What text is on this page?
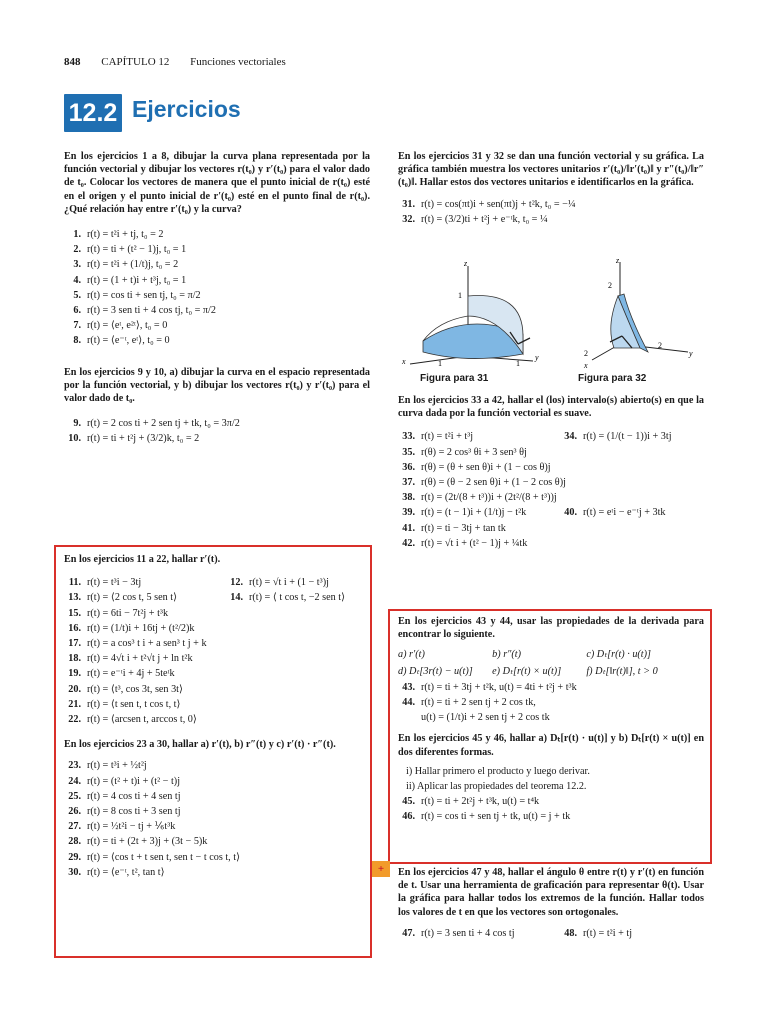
848 CAPÍTULO 12 Funciones vectoriales
12.2 Ejercicios

En los ejercicios 1 a 8, dibujar la curva plana representada por la función vectorial y dibujar los vectores r(t₀) y r′(t₀) para el valor dado de t₀. Colocar los vectores de manera que el punto inicial de r(t₀) esté en el origen y el punto inicial de r′(t₀) esté en el punto final de r(t₀). ¿Qué relación hay entre r′(t₀) y la curva?

1. r(t) = t²i + tj, t₀ = 2
2. r(t) = ti + (t² − 1)j, t₀ = 1
3. r(t) = t²i + (1/t)j, t₀ = 2
4. r(t) = (1 + t)i + t³j, t₀ = 1
5. r(t) = cos ti + sen tj, t₀ = π/2
6. r(t) = 3 sen ti + 4 cos tj, t₀ = π/2
7. r(t) = ⟨eᵗ, e²ᵗ⟩, t₀ = 0
8. r(t) = ⟨e⁻ᵗ, eᵗ⟩, t₀ = 0

En los ejercicios 9 y 10, a) dibujar la curva en el espacio representada por la función vectorial, y b) dibujar los vectores r(t₀) y r′(t₀) para el valor dado de t₀.

9. r(t) = 2 cos ti + 2 sen tj + tk, t₀ = 3π/2
10. r(t) = ti + t²j + (3/2)k, t₀ = 2

En los ejercicios 11 a 22, hallar r′(t).

11. r(t) = t³i − 3tj	12. r(t) = √t i + (1 − t³)j
13. r(t) = ⟨2 cos t, 5 sen t⟩	14. r(t) = ⟨ t cos t, −2 sen t⟩
15. r(t) = 6ti − 7t²j + t³k
16. r(t) = (1/t)i + 16tj + (t²/2)k
17. r(t) = a cos³ t i + a sen³ t j + k
18. r(t) = 4√t i + t²√t j + ln t²k
19. r(t) = e⁻ᵗi + 4j + 5teᵗk
20. r(t) = ⟨t³, cos 3t, sen 3t⟩
21. r(t) = ⟨t sen t, t cos t, t⟩
22. r(t) = ⟨arcsen t, arccos t, 0⟩

En los ejercicios 23 a 30, hallar a) r′(t), b) r″(t) y c) r′(t) · r″(t).

23. r(t) = t³i + ½t²j
24. r(t) = (t² + t)i + (t² − t)j
25. r(t) = 4 cos ti + 4 sen tj
26. r(t) = 8 cos ti + 3 sen tj
27. r(t) = ½t²i − tj + ⅙t³k
28. r(t) = ti + (2t + 3)j + (3t − 5)k
29. r(t) = ⟨cos t + t sen t, sen t − t cos t, t⟩
30. r(t) = ⟨e⁻ᵗ, t², tan t⟩

En los ejercicios 31 y 32 se dan una función vectorial y su gráfica. La gráfica también muestra los vectores unitarios r′(t₀)/‖r′(t₀)‖ y r″(t₀)/‖r″(t₀)‖. Hallar estos dos vectores unitarios e identificarlos en la gráfica.

31. r(t) = cos(πt)i + sen(πt)j + t²k, t₀ = −¼
32. r(t) = (3/2)ti + t²j + e⁻ᵗk, t₀ = ¼
z
1
x	y
1	1
Figura para 31
z
2
2
x
2
y
Figura para 32

En los ejercicios 33 a 42, hallar el (los) intervalo(s) abierto(s) en que la curva dada por la función vectorial es suave.

33. r(t) = t²i + t³j	34. r(t) = (1/(t − 1))i + 3tj
35. r(θ) = 2 cos³ θi + 3 sen³ θj
36. r(θ) = (θ + sen θ)i + (1 − cos θ)j
37. r(θ) = (θ − 2 sen θ)i + (1 − 2 cos θ)j
38. r(t) = (2t/(8 + t³))i + (2t²/(8 + t³))j
39. r(t) = (t − 1)i + (1/t)j − t²k	40. r(t) = eᵗi − e⁻ᵗj + 3tk
41. r(t) = ti − 3tj + tan tk
42. r(t) = √t i + (t² − 1)j + ¼tk

En los ejercicios 43 y 44, usar las propiedades de la derivada para encontrar lo siguiente.

a) r′(t)	b) r″(t)	c) Dₜ[r(t) · u(t)]
d) Dₜ[3r(t) − u(t)]	e) Dₜ[r(t) × u(t)]	f) Dₜ[‖r(t)‖], t > 0
43. r(t) = ti + 3tj + t²k, u(t) = 4ti + t²j + t³k
44. r(t) = ti + 2 sen tj + 2 cos tk,
u(t) = (1/t)i + 2 sen tj + 2 cos tk

En los ejercicios 45 y 46, hallar a) Dₜ[r(t) · u(t)] y b) Dₜ[r(t) × u(t)] en dos diferentes formas.

i) Hallar primero el producto y luego derivar.
ii) Aplicar las propiedades del teorema 12.2.
45. r(t) = ti + 2t²j + t³k, u(t) = t⁴k
46. r(t) = cos ti + sen tj + tk, u(t) = j + tk
+	En los ejercicios 47 y 48, hallar el ángulo θ entre r(t) y r′(t) en función de t. Usar una herramienta de graficación para representar θ(t). Usar la gráfica para hallar todos los extremos de la función. Hallar todos los valores de t en que los vectores son ortogonales.

47. r(t) = 3 sen ti + 4 cos tj	48. r(t) = t²i + tj
